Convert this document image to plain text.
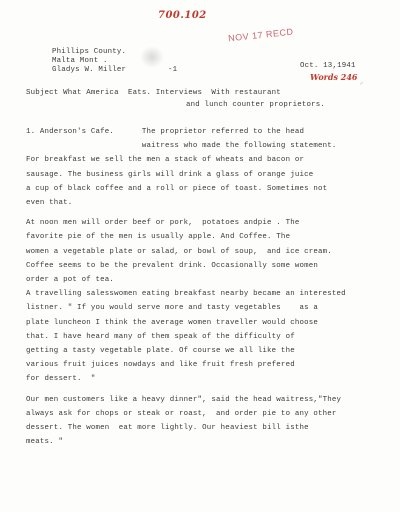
700.102
NOV 17 RECD
Phillips County.
Malta Mont .
Gladys W. Miller	-1	Oct. 13,1941
Words 246
✓
Subject What America  Eats. Interviews  With restaurant
and lunch counter proprietors.
1. Anderson's Cafe.      The proprietor referred to the head
waitress who made the following statement.
For breakfast we sell the men a stack of wheats and bacon or
sausage. The business girls will drink a glass of orange juice
a cup of black coffee and a roll or piece of toast. Sometimes not
even that.
At noon men will order beef or pork,  potatoes andpie . The
favorite pie of the men is usually apple. And Coffee. The
women a vegetable plate or salad, or bowl of soup,  and ice cream.
Coffee seems to be the prevalent drink. Occasionally some women
order a pot of tea.
A travelling salesswomen eating breakfast nearby became an interested
listner. " If you would serve more and tasty vegetables    as a
plate luncheon I think the average women traveller would choose
that. I have heard many of them speak of the difficulty of
getting a tasty vegetable plate. Of course we all like the
various fruit juices nowdays and like fruit fresh prefered
for dessert.  "
Our men customers like a heavy dinner", said the head waitress,"They
always ask for chops or steak or roast,  and order pie to any other
dessert. The women  eat more lightly. Our heaviest bill isthe
meats. "
